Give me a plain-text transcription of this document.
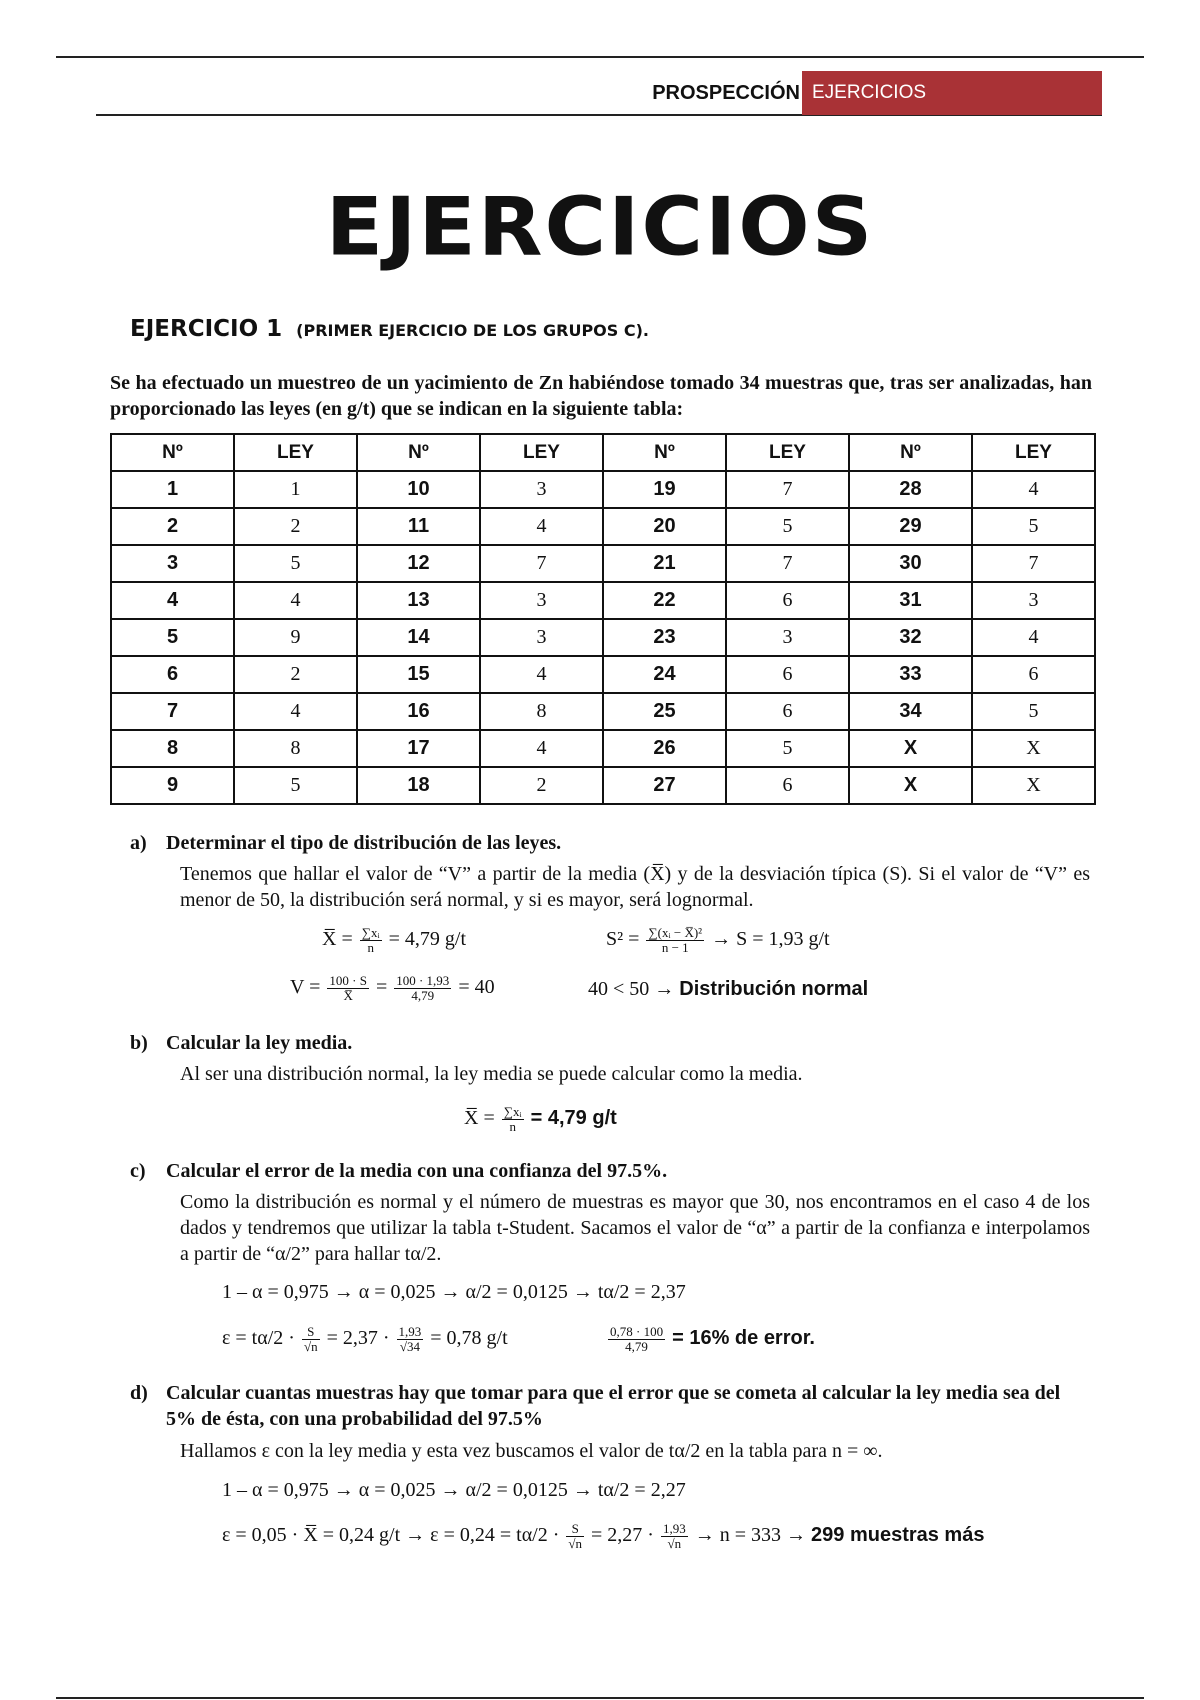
PROSPECCIÓN EJERCICIOS
EJERCICIOS
EJERCICIO 1 (PRIMER EJERCICIO DE LOS GRUPOS C).
Se ha efectuado un muestreo de un yacimiento de Zn habiéndose tomado 34 muestras que, tras ser analizadas, han proporcionado las leyes (en g/t) que se indican en la siguiente tabla:
Nº	LEY	Nº	LEY	Nº	LEY	Nº	LEY
1	1	10	3	19	7	28	4
2	2	11	4	20	5	29	5
3	5	12	7	21	7	30	7
4	4	13	3	22	6	31	3
5	9	14	3	23	3	32	4
6	2	15	4	24	6	33	6
7	4	16	8	25	6	34	5
8	8	17	4	26	5	X	X
9	5	18	2	27	6	X	X
a) Determinar el tipo de distribución de las leyes.
Tenemos que hallar el valor de “V” a partir de la media (X̅) y de la desviación típica (S). Si el valor de “V” es menor de 50, la distribución será normal, y si es mayor, será lognormal.
X̅ = $\frac{\text{∑xᵢ}}{n} = 4,79$ g/t	$S^2 = \frac{\text{∑(xᵢ − X̅)²}}{n - 1} \to S = 1,93$ g/t
$V = \frac{100 \cdot S}{X̅} = \frac{100 \cdot 1,93}{4,79} = 40$	40 < 50 → Distribución normal
b) Calcular la ley media.
Al ser una distribución normal, la ley media se puede calcular como la media.
X̅ = $\frac{\text{∑xᵢ}}{n} = 4,79$ g/t
c) Calcular el error de la media con una confianza del 97.5%.
Como la distribución es normal y el número de muestras es mayor que 30, nos encontramos en el caso 4 de los dados y tendremos que utilizar la tabla t-Student. Sacamos el valor de “α” a partir de la confianza e interpolamos a partir de “α/2” para hallar tα/2.
1 – α = 0,975 → α = 0,025 → α/2 = 0,0125 → tα/2 = 2,37
$\varepsilon = t\alpha/2 \cdot \frac{S}{√n} = 2,37 \cdot \frac{1,93}{√34} = 0,78$ g/t	$\frac{0,78 \cdot 100}{4,79} = 16\%$ de error.
d) Calcular cuantas muestras hay que tomar para que el error que se cometa al calcular la ley media sea del 5% de ésta, con una probabilidad del 97.5%
Hallamos ε con la ley media y esta vez buscamos el valor de tα/2 en la tabla para n = ∞.
1 – α = 0,975 → α = 0,025 → α/2 = 0,0125 → tα/2 = 2,27
ε = 0,05 · X̅ = 0,24 $g/t \to \varepsilon = 0,24 = t\alpha/2 \cdot \frac{S}{√n} = 2,27 \cdot \frac{1,93}{√n} \to n = 333 \to 299$ muestras más
